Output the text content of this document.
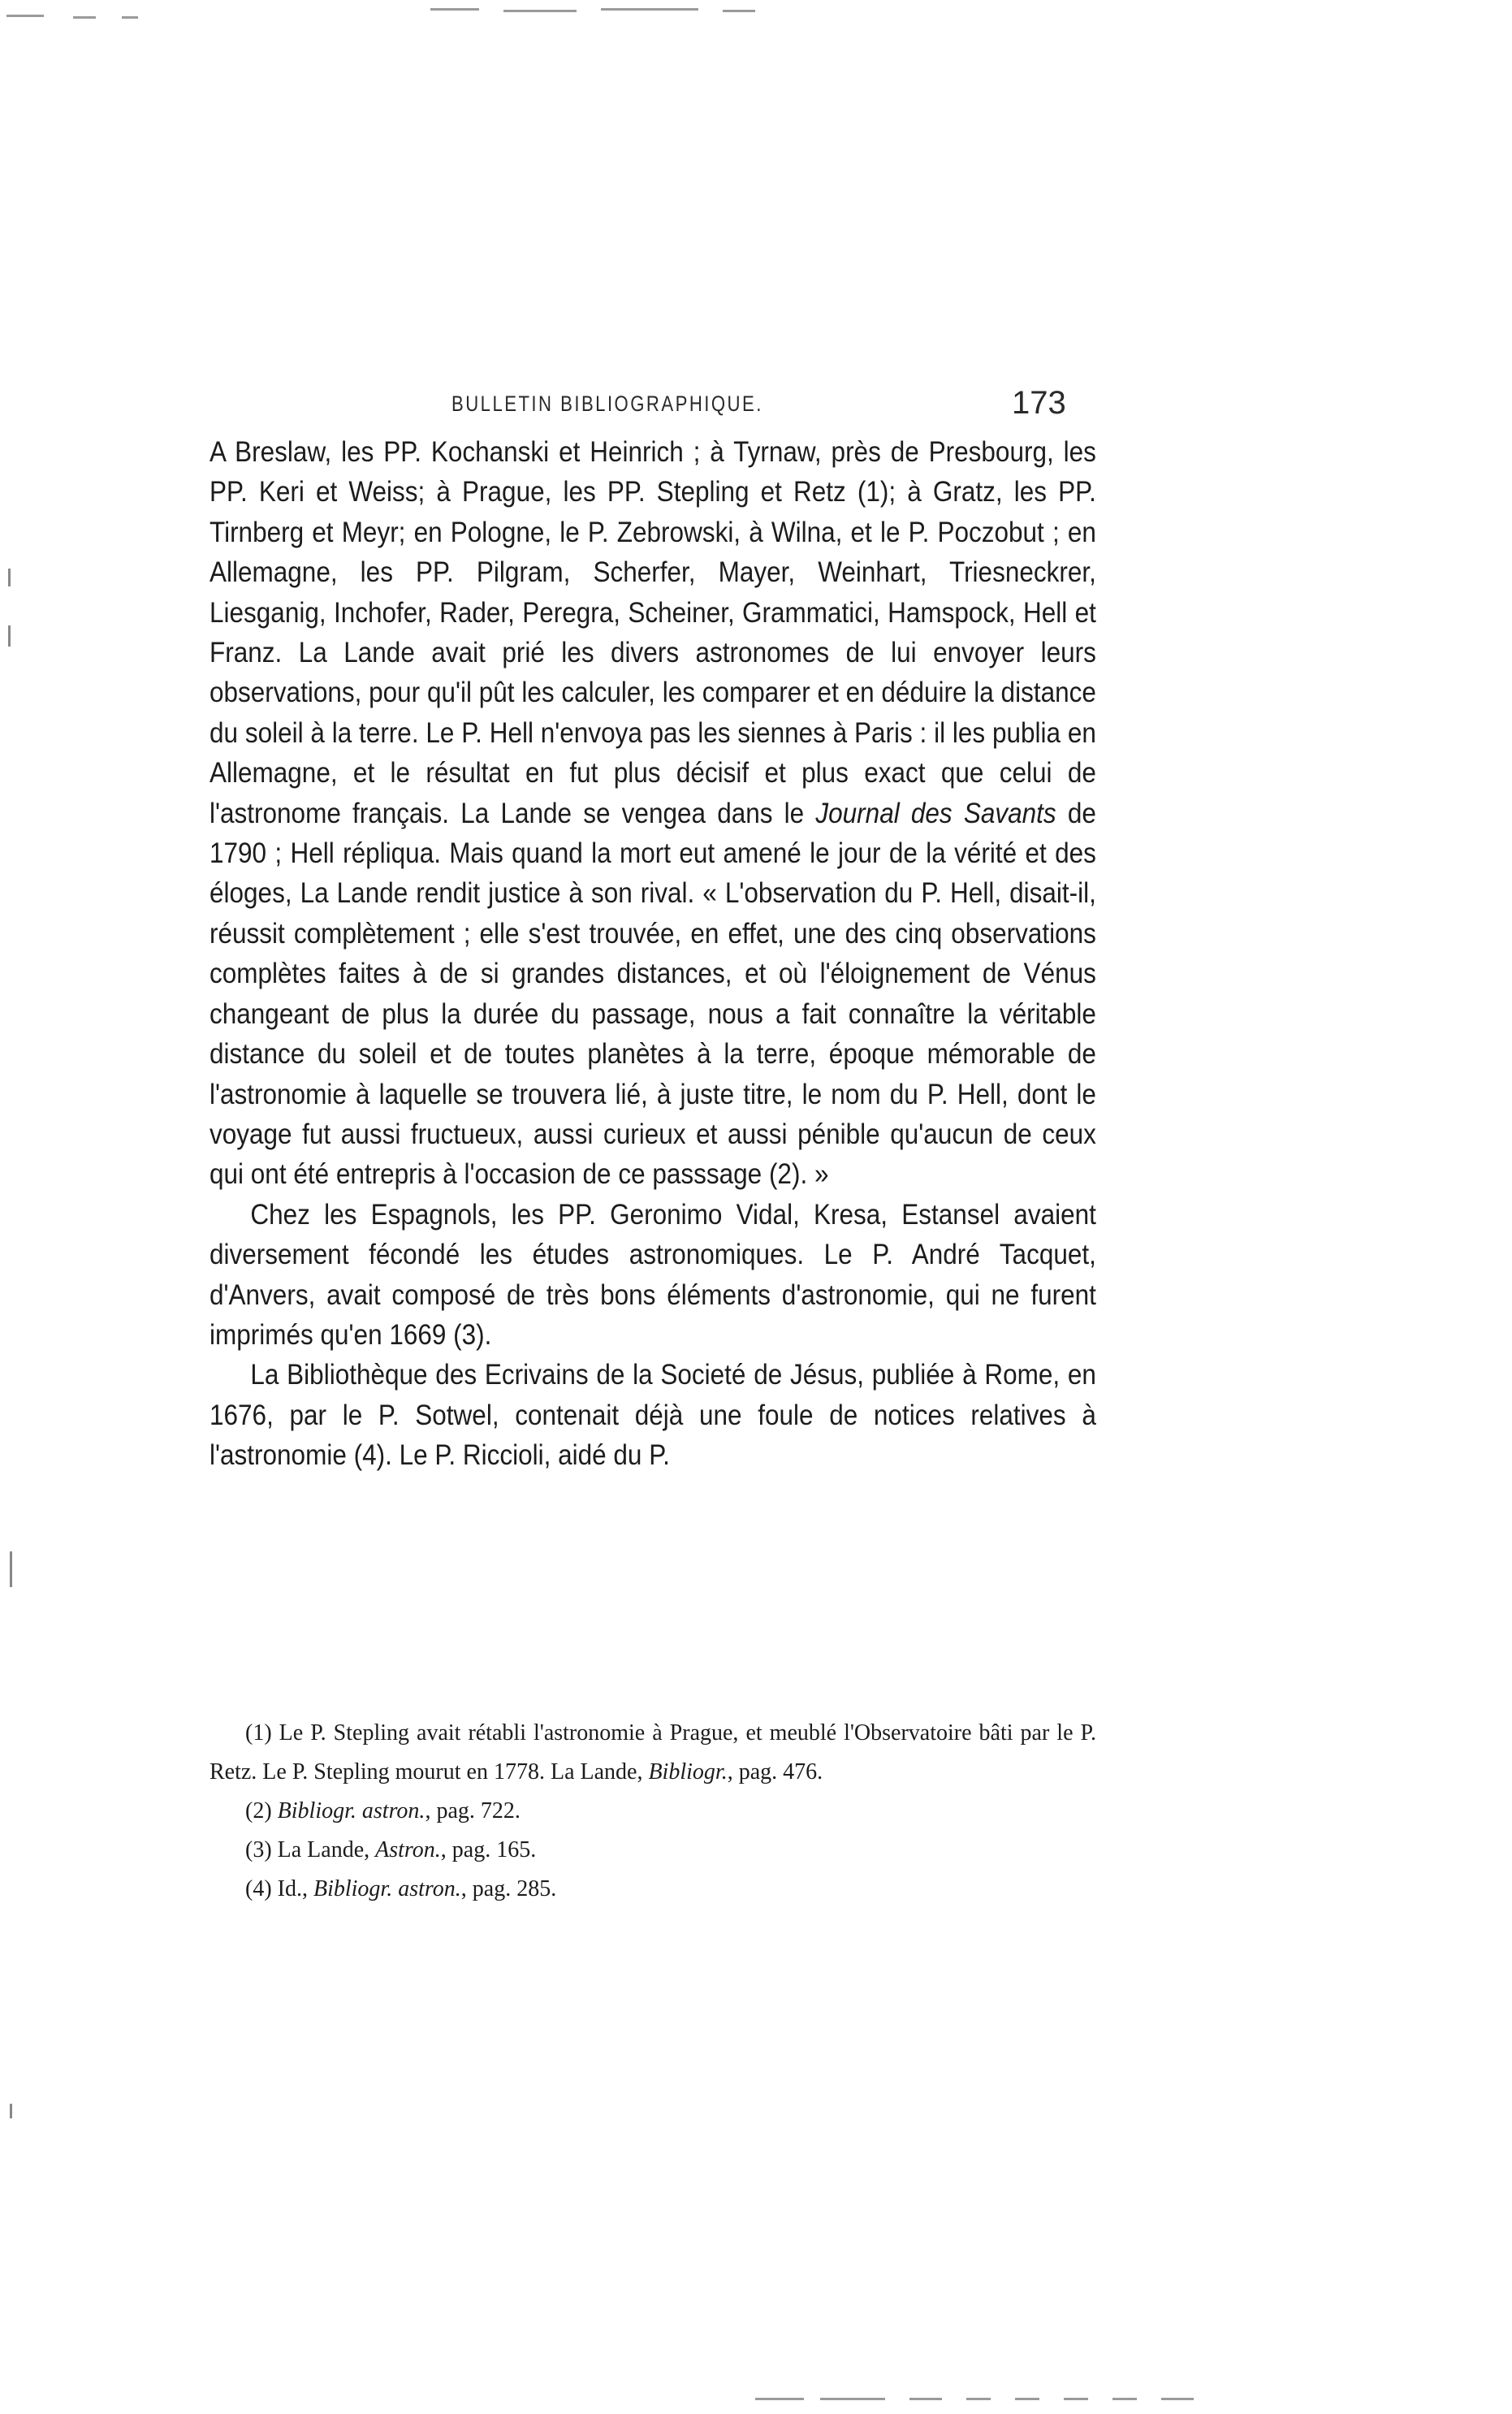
BULLETIN BIBLIOGRAPHIQUE.	173

A Breslaw, les PP. Kochanski et Heinrich ; à Tyrnaw, près de Presbourg, les PP. Keri et Weiss; à Prague, les PP. Stepling et Retz (1); à Gratz, les PP. Tirnberg et Meyr; en Pologne, le P. Zebrowski, à Wilna, et le P. Poczobut ; en Allemagne, les PP. Pilgram, Scherfer, Mayer, Weinhart, Triesneckrer, Liesganig, Inchofer, Rader, Peregra, Scheiner, Grammatici, Hamspock, Hell et Franz. La Lande avait prié les divers astronomes de lui envoyer leurs observations, pour qu'il pût les calculer, les comparer et en déduire la distance du soleil à la terre. Le P. Hell n'envoya pas les siennes à Paris : il les publia en Allemagne, et le résultat en fut plus décisif et plus exact que celui de l'astronome français. La Lande se vengea dans le Journal des Savants de 1790 ; Hell répliqua. Mais quand la mort eut amené le jour de la vérité et des éloges, La Lande rendit justice à son rival. « L'observation du P. Hell, disait-il, réussit complètement ; elle s'est trouvée, en effet, une des cinq observations complètes faites à de si grandes distances, et où l'éloignement de Vénus changeant de plus la durée du passage, nous a fait connaître la véritable distance du soleil et de toutes planètes à la terre, époque mémorable de l'astronomie à laquelle se trouvera lié, à juste titre, le nom du P. Hell, dont le voyage fut aussi fructueux, aussi curieux et aussi pénible qu'aucun de ceux qui ont été entrepris à l'occasion de ce passsage (2). »

Chez les Espagnols, les PP. Geronimo Vidal, Kresa, Estansel avaient diversement fécondé les études astronomiques. Le P. André Tacquet, d'Anvers, avait composé de très bons éléments d'astronomie, qui ne furent imprimés qu'en 1669 (3).

La Bibliothèque des Ecrivains de la Societé de Jésus, publiée à Rome, en 1676, par le P. Sotwel, contenait déjà une foule de notices relatives à l'astronomie (4). Le P. Riccioli, aidé du P.

(1) Le P. Stepling avait rétabli l'astronomie à Prague, et meublé l'Observatoire bâti par le P. Retz. Le P. Stepling mourut en 1778. La Lande, Bibliogr., pag. 476.

(2) Bibliogr. astron., pag. 722.

(3) La Lande, Astron., pag. 165.

(4) Id., Bibliogr. astron., pag. 285.
